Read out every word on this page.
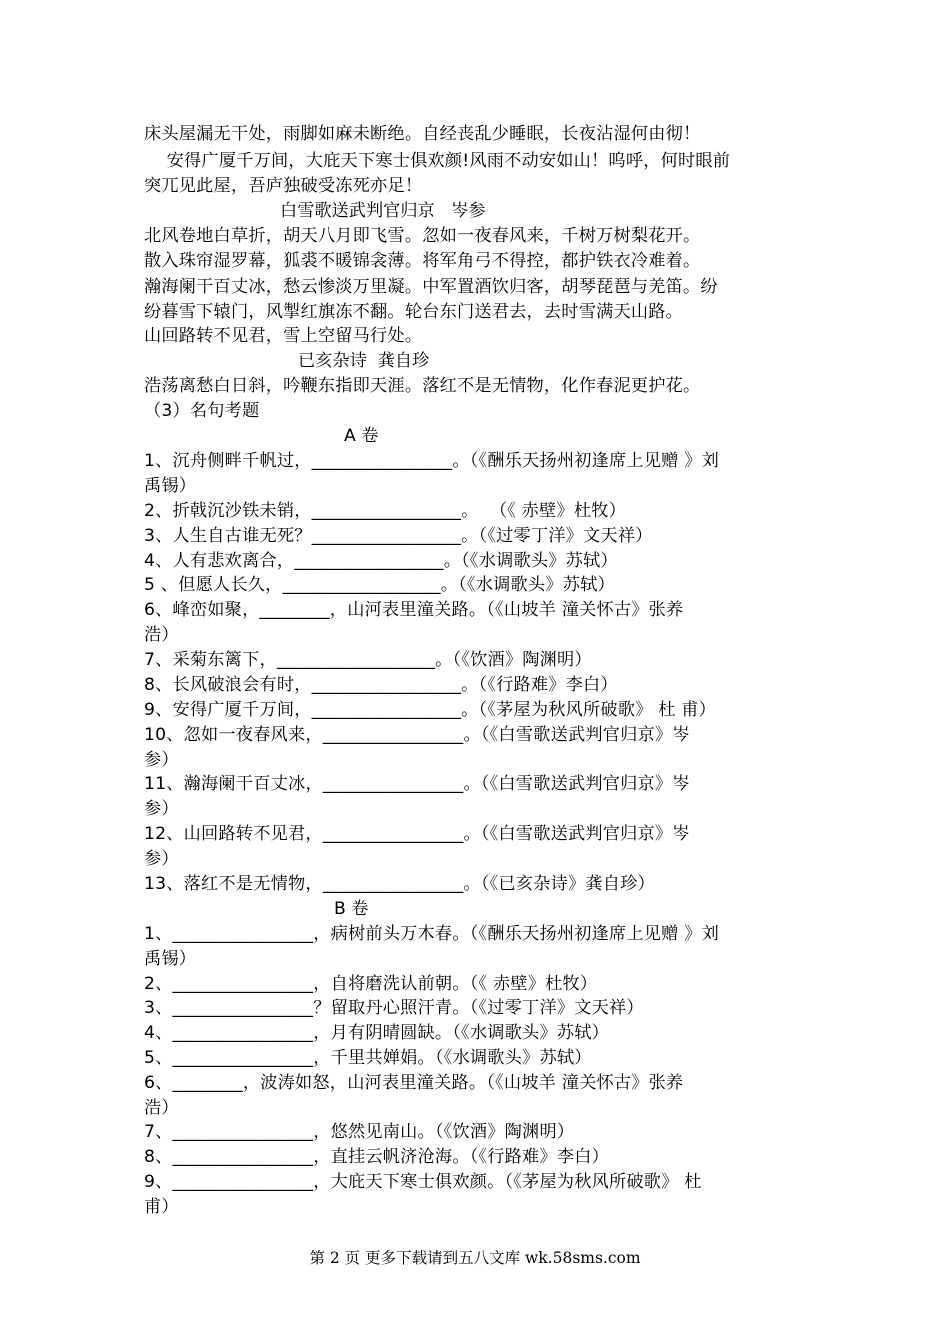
床头屋漏无干处，雨脚如麻未断绝。自经丧乱少睡眠，长夜沾湿何由彻！
安得广厦千万间，大庇天下寒士俱欢颜!风雨不动安如山！呜呼，何时眼前
突兀见此屋，吾庐独破受冻死亦足！
白雪歌送武判官归京   岑参
北风卷地白草折，胡天八月即飞雪。忽如一夜春风来，千树万树梨花开。
散入珠帘湿罗幕，狐裘不暖锦衾薄。将军角弓不得控，都护铁衣冷难着。
瀚海阑干百丈冰，愁云惨淡万里凝。中军置酒饮归客，胡琴琵琶与羌笛。纷
纷暮雪下辕门，风掣红旗冻不翻。轮台东门送君去，去时雪满天山路。
山回路转不见君，雪上空留马行处。
已亥杂诗  龚自珍
浩荡离愁白日斜，吟鞭东指即天涯。落红不是无情物，化作春泥更护花。
（3）名句考题
A 卷
1、沉舟侧畔千帆过，________________。（《酬乐天扬州初逢席上见赠 》刘
禹锡）
2、折戟沉沙铁未销，_________________。  （《 赤壁》杜牧）
3、人生自古谁无死？_________________。（《过零丁洋》文天祥）
4、人有悲欢离合，_________________。（《水调歌头》苏轼）
5 、但愿人长久，__________________。（《水调歌头》苏轼）
6、峰峦如聚，________，山河表里潼关路。（《山坡羊 潼关怀古》张养
浩）
7、采菊东篱下，__________________。（《饮酒》陶渊明）
8、长风破浪会有时，_________________。（《行路难》李白）
9、安得广厦千万间，_________________。（《茅屋为秋风所破歌》 杜 甫）
10、忽如一夜春风来，________________。（《白雪歌送武判官归京》岑
参）
11、瀚海阑干百丈冰，________________。（《白雪歌送武判官归京》岑
参）
12、山回路转不见君，________________。（《白雪歌送武判官归京》岑
参）
13、落红不是无情物，________________。（《已亥杂诗》龚自珍）
B 卷
1、________________，病树前头万木春。（《酬乐天扬州初逢席上见赠 》刘
禹锡）
2、________________，自将磨洗认前朝。（《 赤壁》杜牧）
3、________________？留取丹心照汗青。（《过零丁洋》文天祥）
4、________________，月有阴晴圆缺。（《水调歌头》苏轼）
5、________________，千里共婵娟。（《水调歌头》苏轼）
6、________，波涛如怒，山河表里潼关路。（《山坡羊 潼关怀古》张养
浩）
7、________________，悠然见南山。（《饮酒》陶渊明）
8、________________，直挂云帆济沧海。（《行路难》李白）
9、________________，大庇天下寒士俱欢颜。（《茅屋为秋风所破歌》 杜
甫）
第 2 页 更多下载请到五八文库 wk.58sms.com
